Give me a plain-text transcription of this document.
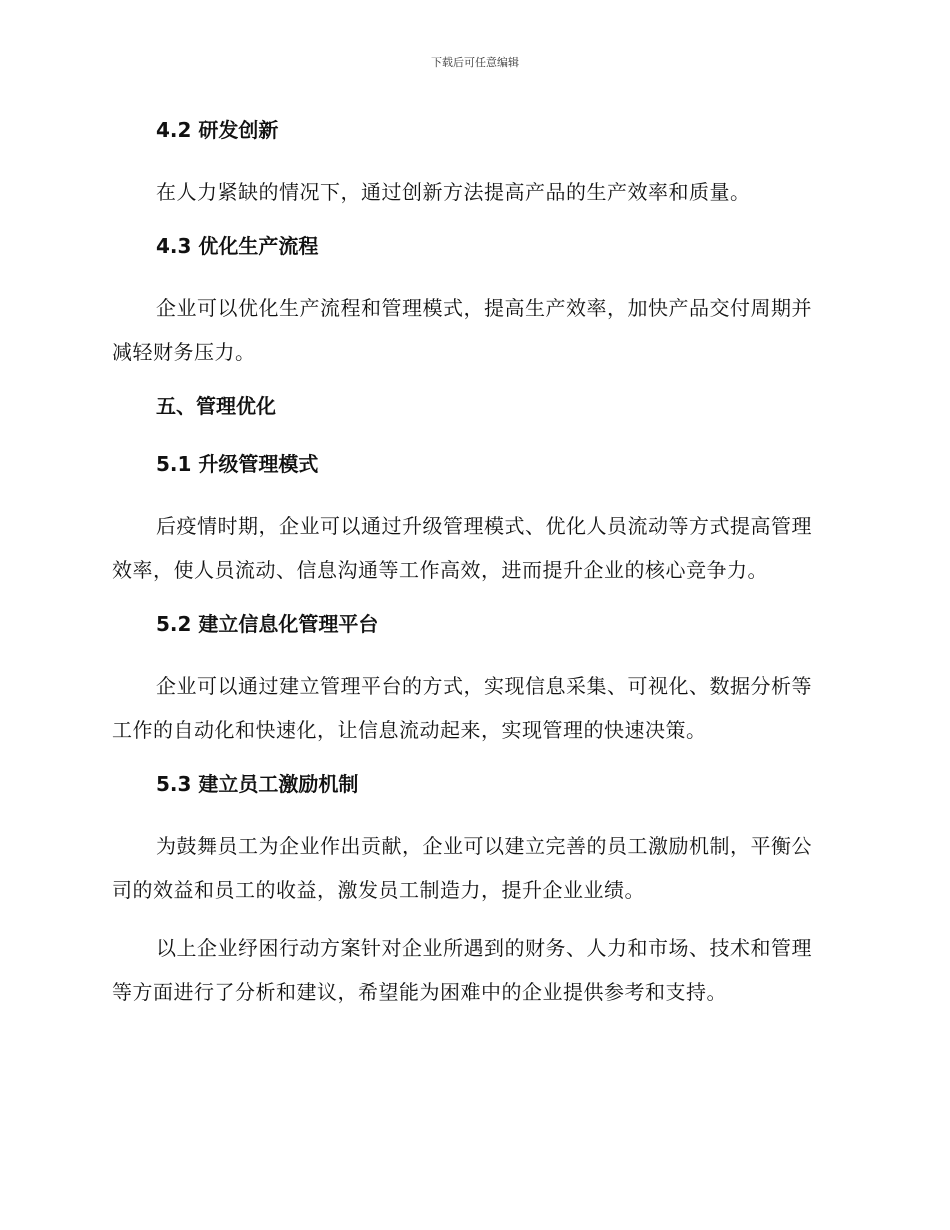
下载后可任意编辑
4.2 研发创新

在人力紧缺的情况下，通过创新方法提高产品的生产效率和质量。

4.3 优化生产流程

企业可以优化生产流程和管理模式，提高生产效率，加快产品交付周期并减轻财务压力。

五、管理优化
5.1 升级管理模式

后疫情时期，企业可以通过升级管理模式、优化人员流动等方式提高管理效率，使人员流动、信息沟通等工作高效，进而提升企业的核心竞争力。

5.2 建立信息化管理平台

企业可以通过建立管理平台的方式，实现信息采集、可视化、数据分析等工作的自动化和快速化，让信息流动起来，实现管理的快速决策。

5.3 建立员工激励机制

为鼓舞员工为企业作出贡献，企业可以建立完善的员工激励机制，平衡公司的效益和员工的收益，激发员工制造力，提升企业业绩。

以上企业纾困行动方案针对企业所遇到的财务、人力和市场、技术和管理等方面进行了分析和建议，希望能为困难中的企业提供参考和支持。
